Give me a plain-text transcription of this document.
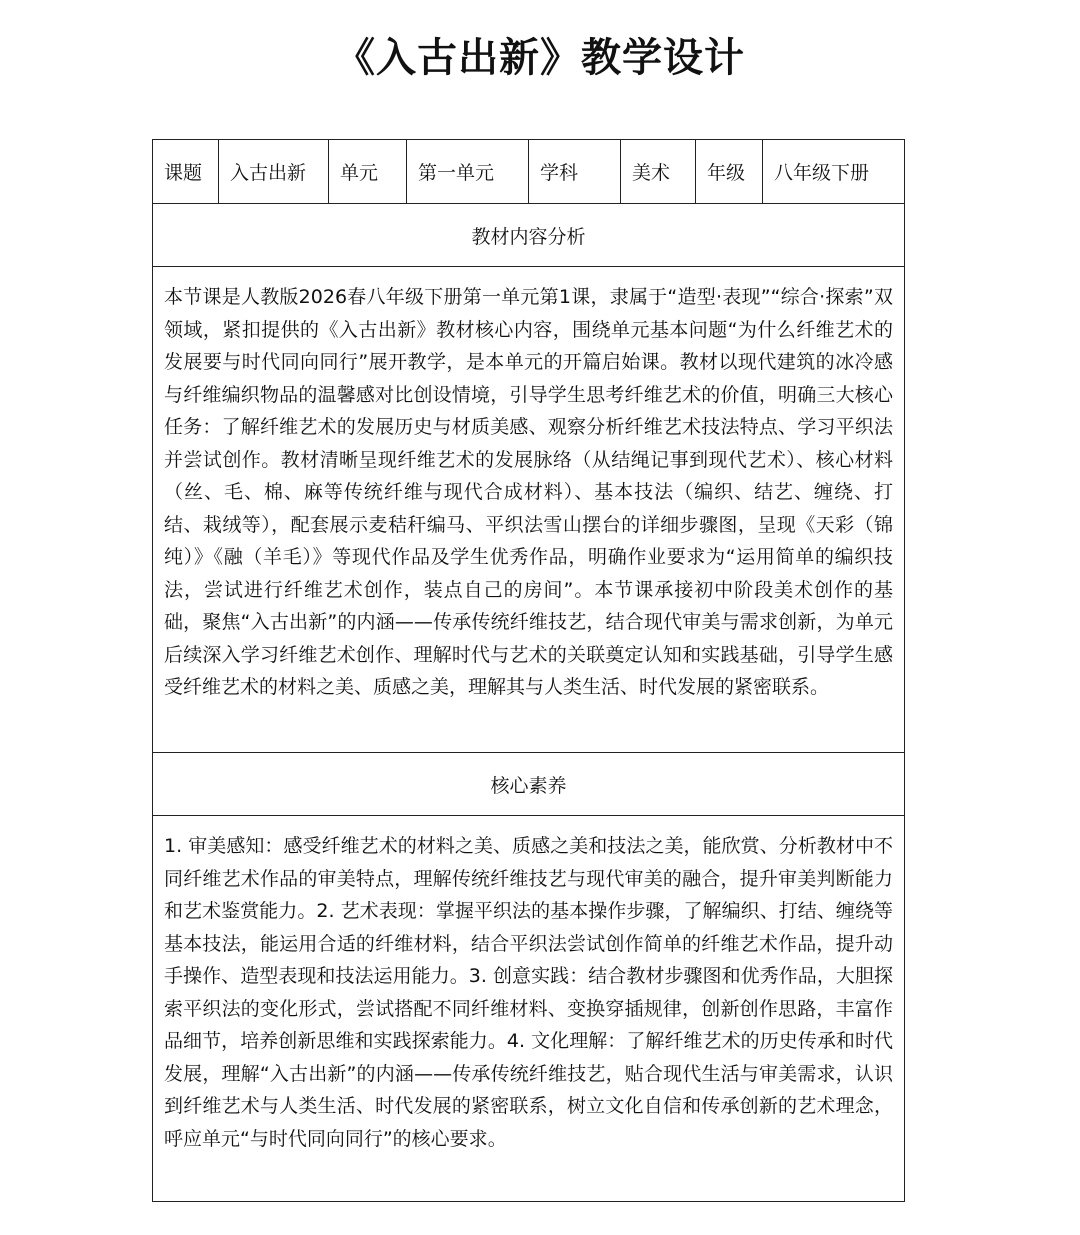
《入古出新》教学设计
课题	入古出新	单元	第一单元	学科	美术	年级	八年级下册
教材内容分析
本节课是人教版2026春八年级下册第一单元第1课，隶属于“造型·表现”“综合·探索”双领域，紧扣提供的《入古出新》教材核心内容，围绕单元基本问题“为什么纤维艺术的发展要与时代同向同行”展开教学，是本单元的开篇启始课。教材以现代建筑的冰冷感与纤维编织物品的温馨感对比创设情境，引导学生思考纤维艺术的价值，明确三大核心任务：了解纤维艺术的发展历史与材质美感、观察分析纤维艺术技法特点、学习平织法并尝试创作。教材清晰呈现纤维艺术的发展脉络（从结绳记事到现代艺术）、核心材料（丝、毛、棉、麻等传统纤维与现代合成材料）、基本技法（编织、结艺、缠绕、打结、栽绒等），配套展示麦秸秆编马、平织法雪山摆台的详细步骤图，呈现《天彩（锦纯）》《融（羊毛）》等现代作品及学生优秀作品，明确作业要求为“运用简单的编织技法，尝试进行纤维艺术创作，装点自己的房间”。本节课承接初中阶段美术创作的基础，聚焦“入古出新”的内涵——传承传统纤维技艺，结合现代审美与需求创新，为单元后续深入学习纤维艺术创作、理解时代与艺术的关联奠定认知和实践基础，引导学生感受纤维艺术的材料之美、质感之美，理解其与人类生活、时代发展的紧密联系。
核心素养
1. 审美感知：感受纤维艺术的材料之美、质感之美和技法之美，能欣赏、分析教材中不同纤维艺术作品的审美特点，理解传统纤维技艺与现代审美的融合，提升审美判断能力和艺术鉴赏能力。2. 艺术表现：掌握平织法的基本操作步骤，了解编织、打结、缠绕等基本技法，能运用合适的纤维材料，结合平织法尝试创作简单的纤维艺术作品，提升动手操作、造型表现和技法运用能力。3. 创意实践：结合教材步骤图和优秀作品，大胆探索平织法的变化形式，尝试搭配不同纤维材料、变换穿插规律，创新创作思路，丰富作品细节，培养创新思维和实践探索能力。4. 文化理解：了解纤维艺术的历史传承和时代发展，理解“入古出新”的内涵——传承传统纤维技艺，贴合现代生活与审美需求，认识到纤维艺术与人类生活、时代发展的紧密联系，树立文化自信和传承创新的艺术理念，呼应单元“与时代同向同行”的核心要求。
